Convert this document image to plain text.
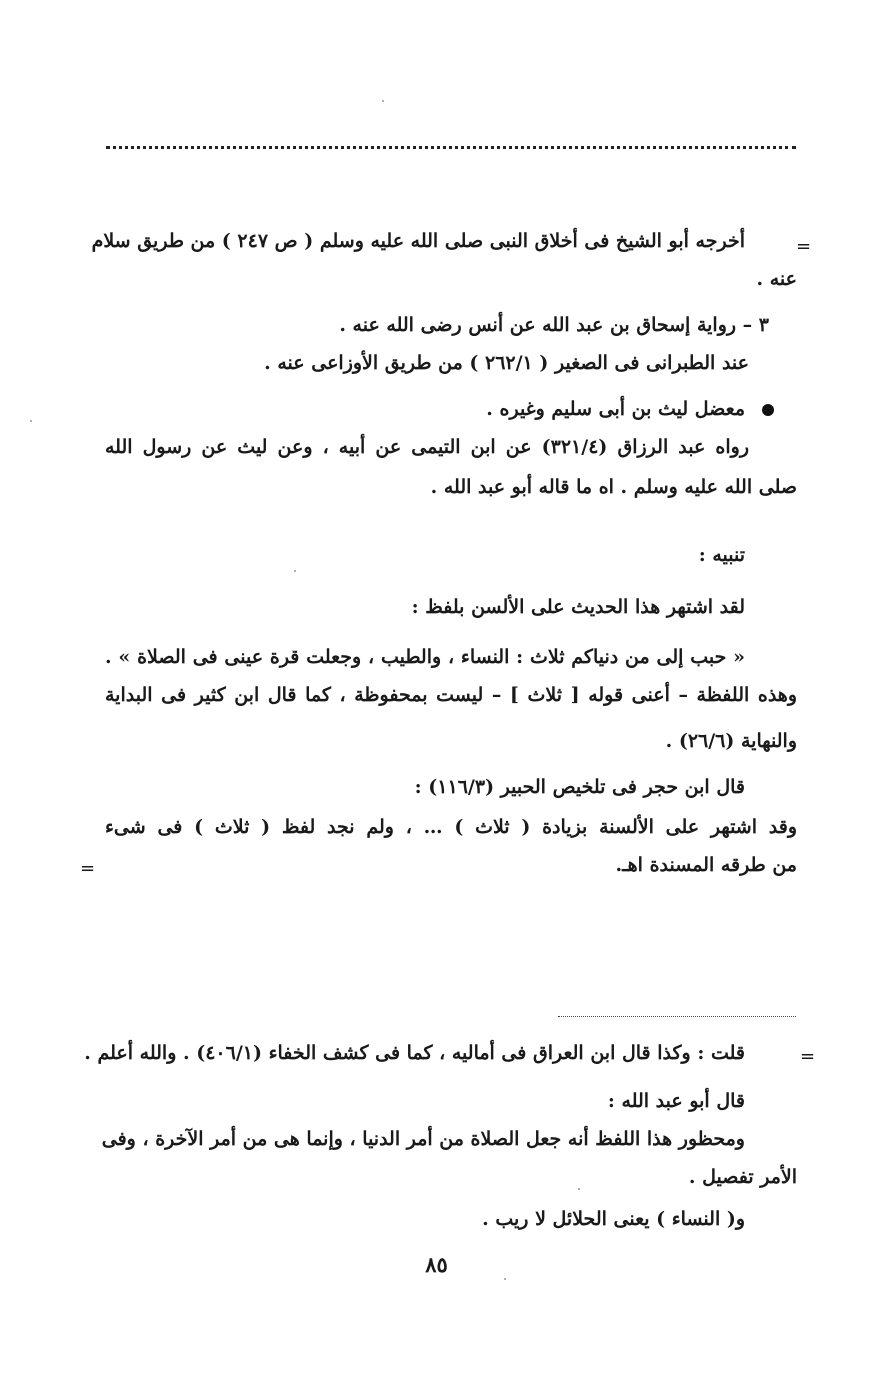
=
أخرجه أبو الشيخ فى أخلاق النبى صلى الله عليه وسلم ( ص ٢٤٧ ) من طريق سلام
عنه .
٣ – رواية إسحاق بن عبد الله عن أنس رضى الله عنه .
عند الطبرانى فى الصغير ( ٢٦٢/١ ) من طريق الأوزاعى عنه .
معضل ليث بن أبى سليم وغيره .
رواه عبد الرزاق (٣٢١/٤) عن ابن التيمى عن أبيه ، وعن ليث عن رسول الله
صلى الله عليه وسلم . اه ما قاله أبو عبد الله .
تنبيه :
لقد اشتهر هذا الحديث على الألسن بلفظ :
« حبب إلى من دنياكم ثلاث : النساء ، والطيب ، وجعلت قرة عينى فى الصلاة » .
وهذه اللفظة – أعنى قوله [ ثلاث ] – ليست بمحفوظة ، كما قال ابن كثير فى البداية
والنهاية (٢٦/٦) .
قال ابن حجر فى تلخيص الحبير (١١٦/٣) :
وقد اشتهر على الألسنة بزيادة ( ثلاث ) … ، ولم نجد لفظ ( ثلاث ) فى شىء
من طرقه المسندة اهـ.
=
=
قلت : وكذا قال ابن العراق فى أماليه ، كما فى كشف الخفاء (٤٠٦/١) . والله أعلم .
قال أبو عبد الله :
ومحظور هذا اللفظ أنه جعل الصلاة من أمر الدنيا ، وإنما هى من أمر الآخرة ، وفى
الأمر تفصيل .
و( النساء ) يعنى الحلائل لا ريب .
٨٥
